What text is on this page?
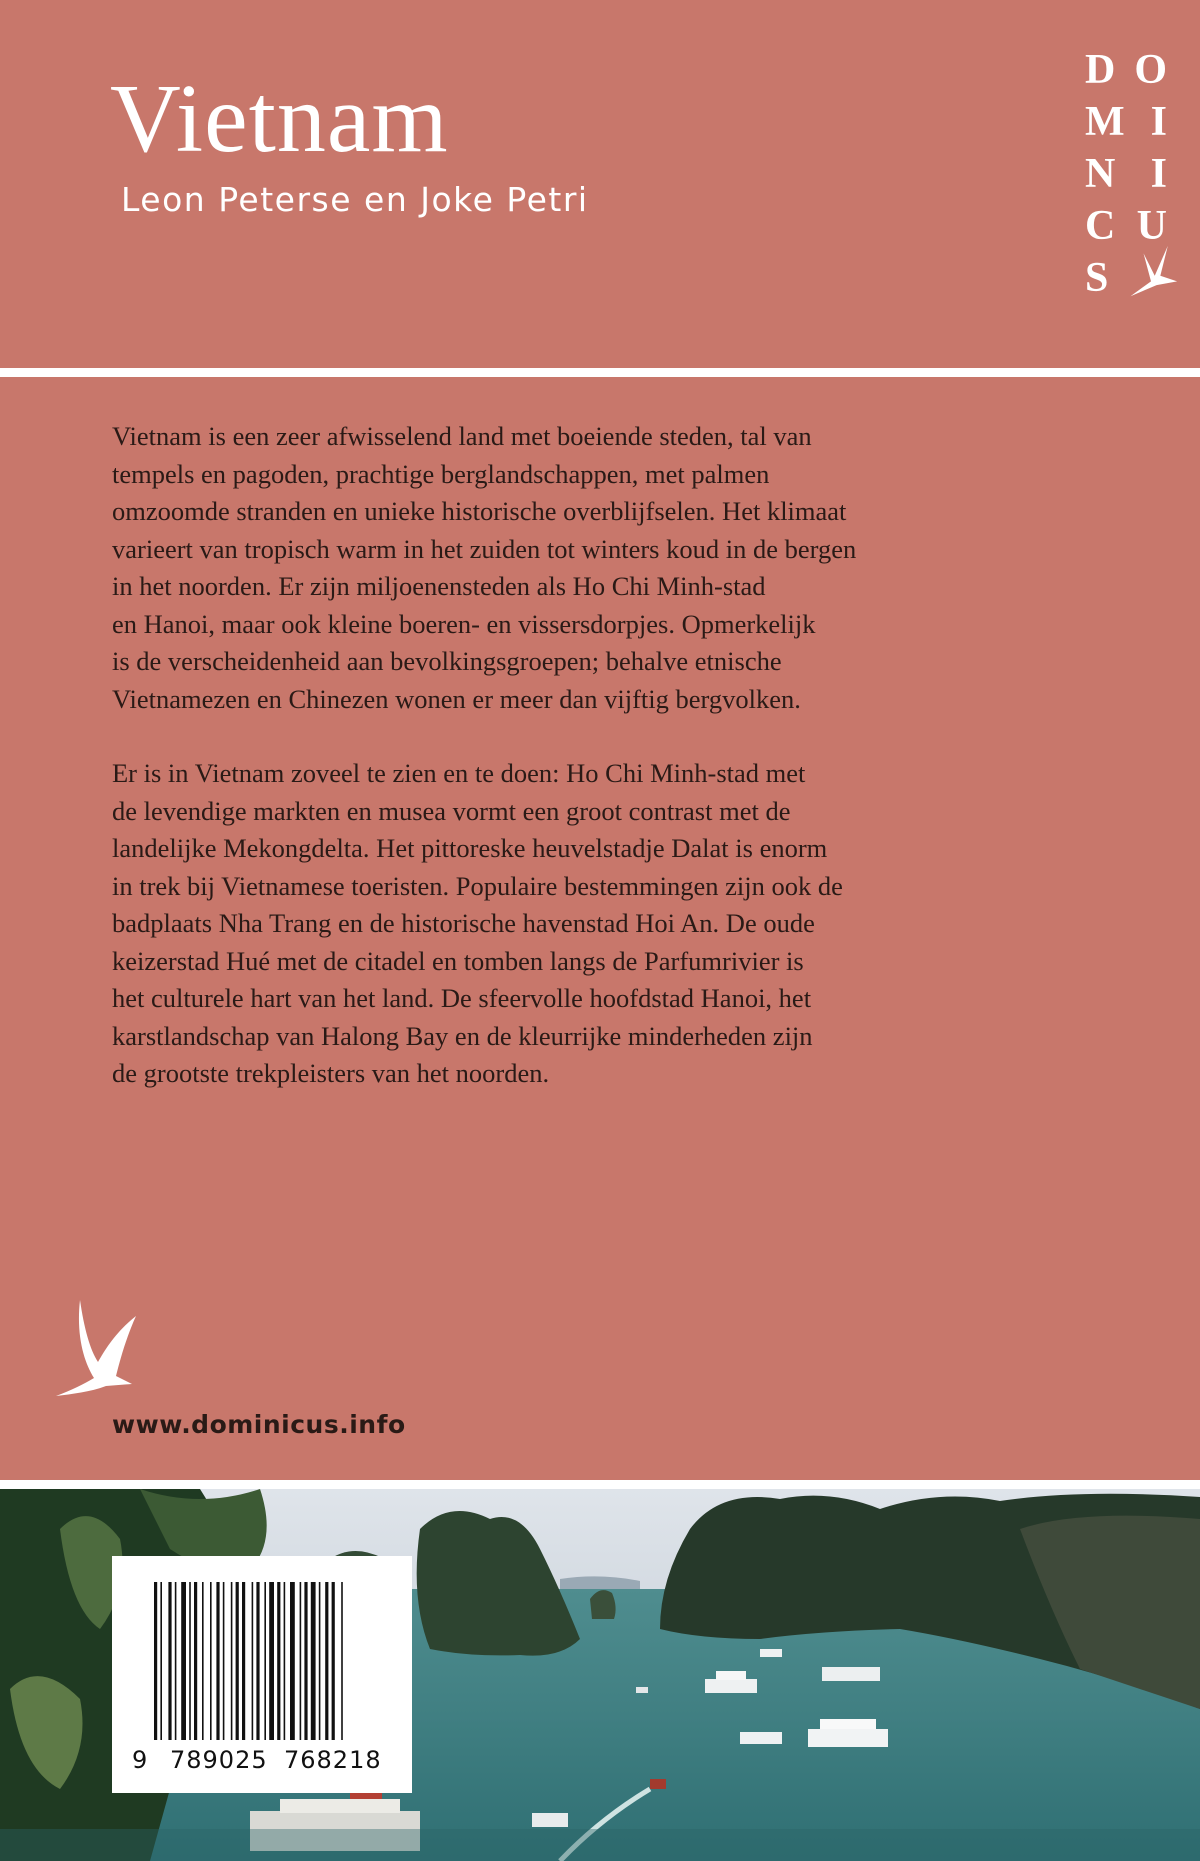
Vietnam
Leon Peterse en Joke Petri
D O
M I
N I
C U
S

Vietnam is een zeer afwisselend land met boeiende steden, tal van
tempels en pagoden, prachtige berglandschappen, met palmen
omzoomde stranden en unieke historische overblijfselen. Het klimaat
varieert van tropisch warm in het zuiden tot winters koud in de bergen
in het noorden. Er zijn miljoenensteden als Ho Chi Minh-stad
en Hanoi, maar ook kleine boeren- en vissersdorpjes. Opmerkelijk
is de verscheidenheid aan bevolkingsgroepen; behalve etnische
Vietnamezen en Chinezen wonen er meer dan vijftig bergvolken.

Er is in Vietnam zoveel te zien en te doen: Ho Chi Minh-stad met
de levendige markten en musea vormt een groot contrast met de
landelijke Mekongdelta. Het pittoreske heuvelstadje Dalat is enorm
in trek bij Vietnamese toeristen. Populaire bestemmingen zijn ook de
badplaats Nha Trang en de historische havenstad Hoi An. De oude
keizerstad Hué met de citadel en tomben langs de Parfumrivier is
het culturele hart van het land. De sfeervolle hoofdstad Hanoi, het
karstlandschap van Halong Bay en de kleurrijke minderheden zijn
de grootste trekpleisters van het noorden.

www.dominicus.info
9 789025 768218
